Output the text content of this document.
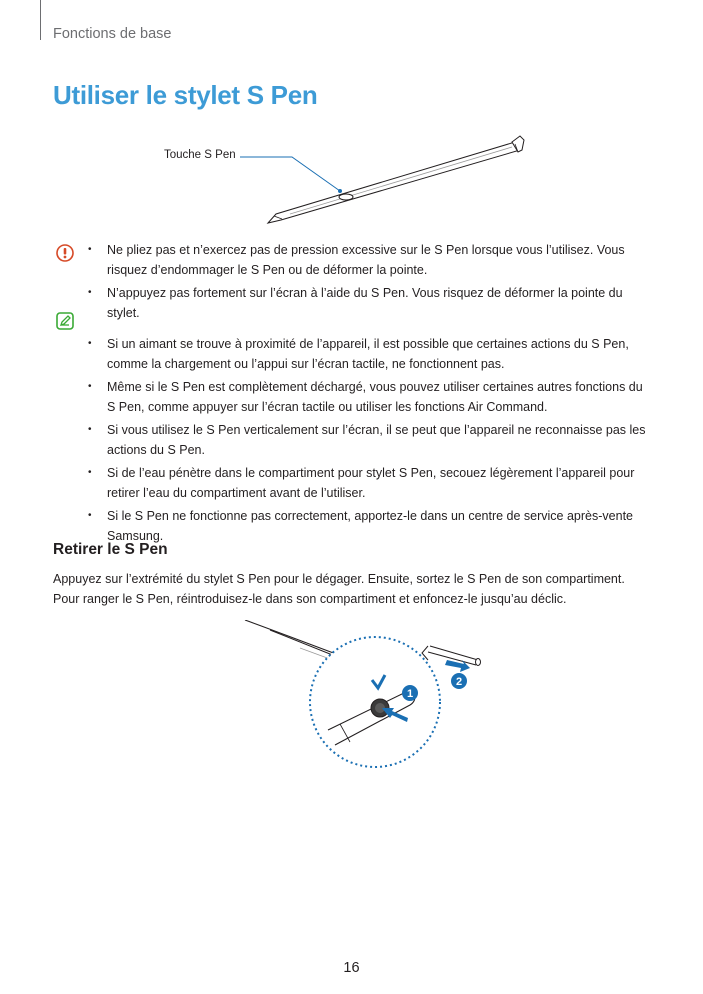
Fonctions de base
Utiliser le stylet S Pen
Touche S Pen
• Ne pliez pas et n’exercez pas de pression excessive sur le S Pen lorsque vous l’utilisez. Vous risquez d’endommager le S Pen ou de déformer la pointe.
• N’appuyez pas fortement sur l’écran à l’aide du S Pen. Vous risquez de déformer la pointe du stylet.
• Si un aimant se trouve à proximité de l’appareil, il est possible que certaines actions du S Pen, comme la chargement ou l’appui sur l’écran tactile, ne fonctionnent pas.
• Même si le S Pen est complètement déchargé, vous pouvez utiliser certaines autres fonctions du S Pen, comme appuyer sur l’écran tactile ou utiliser les fonctions Air Command.
• Si vous utilisez le S Pen verticalement sur l’écran, il se peut que l’appareil ne reconnaisse pas les actions du S Pen.
• Si de l’eau pénètre dans le compartiment pour stylet S Pen, secouez légèrement l’appareil pour retirer l’eau du compartiment avant de l’utiliser.
• Si le S Pen ne fonctionne pas correctement, apportez-le dans un centre de service après-vente Samsung.
Retirer le S Pen

Appuyez sur l’extrémité du stylet S Pen pour le dégager. Ensuite, sortez le S Pen de son compartiment. Pour ranger le S Pen, réintroduisez-le dans son compartiment et enfoncez-le jusqu’au déclic.

1
2
16
